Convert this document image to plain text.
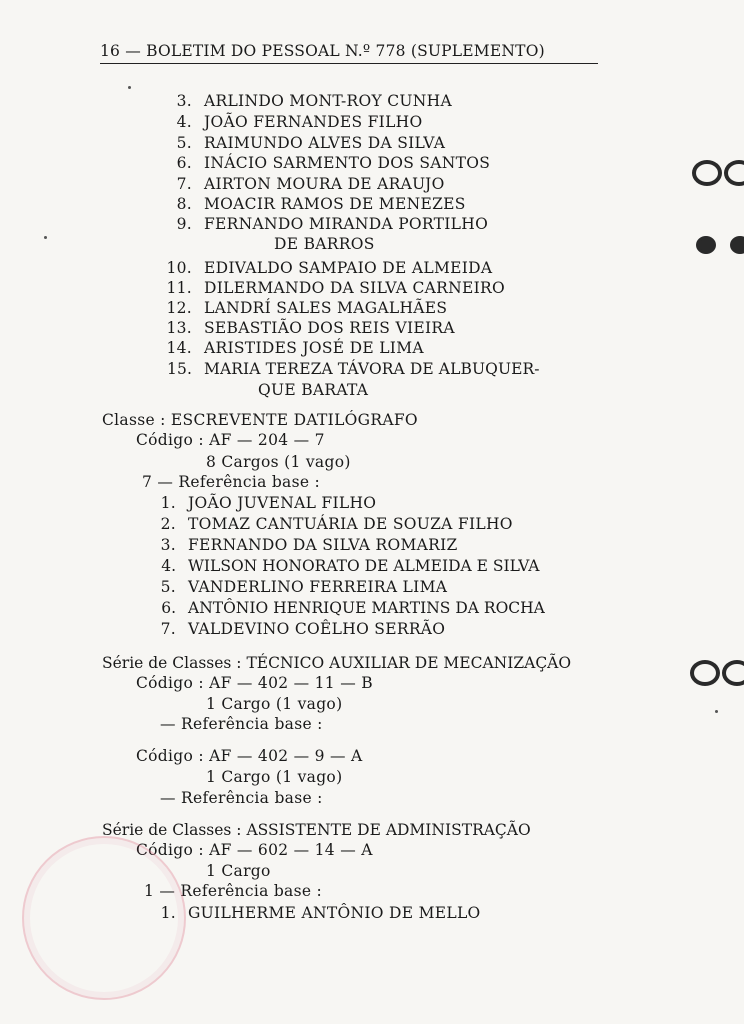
16 — BOLETIM DO PESSOAL N.º 778 (SUPLEMENTO)
3. ARLINDO MONT-ROY CUNHA
4. JOÃO FERNANDES FILHO
5. RAIMUNDO ALVES DA SILVA
6. INÁCIO SARMENTO DOS SANTOS
7. AIRTON MOURA DE ARAUJO
8. MOACIR RAMOS DE MENEZES
9. FERNANDO MIRANDA PORTILHO
DE BARROS
10. EDIVALDO SAMPAIO DE ALMEIDA
11. DILERMANDO DA SILVA CARNEIRO
12. LANDRÍ SALES MAGALHÃES
13. SEBASTIÃO DOS REIS VIEIRA
14. ARISTIDES JOSÉ DE LIMA
15. MARIA TEREZA TÁVORA DE ALBUQUER-
QUE BARATA
Classe : ESCREVENTE DATILÓGRAFO
Código : AF — 204 — 7
8 Cargos (1 vago)
7 — Referência base :
1. JOÃO JUVENAL FILHO
2. TOMAZ CANTUÁRIA DE SOUZA FILHO
3. FERNANDO DA SILVA ROMARIZ
4. WILSON HONORATO DE ALMEIDA E SILVA
5. VANDERLINO FERREIRA LIMA
6. ANTÔNIO HENRIQUE MARTINS DA ROCHA
7. VALDEVINO COÊLHO SERRÃO
Série de Classes : TÉCNICO AUXILIAR DE MECANIZAÇÃO
Código : AF — 402 — 11 — B
1 Cargo (1 vago)
— Referência base :
Código : AF — 402 — 9 — A
1 Cargo (1 vago)
— Referência base :
Série de Classes : ASSISTENTE DE ADMINISTRAÇÃO
Código : AF — 602 — 14 — A
1 Cargo
1 — Referência base :
1. GUILHERME ANTÔNIO DE MELLO
